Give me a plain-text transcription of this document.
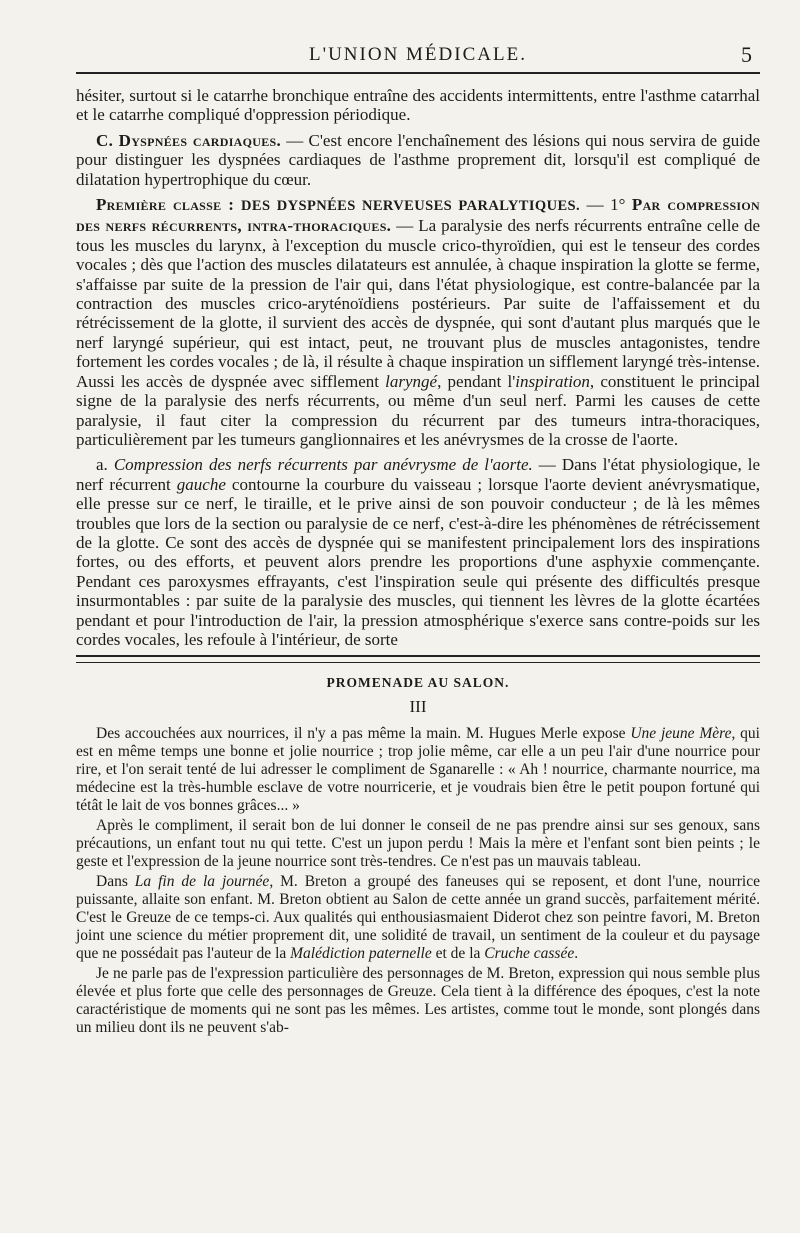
L'UNION MÉDICALE.	5

hésiter, surtout si le catarrhe bronchique entraîne des accidents intermittents, entre l'asthme catarrhal et le catarrhe compliqué d'oppression périodique.

C. Dyspnées cardiaques. — C'est encore l'enchaînement des lésions qui nous servira de guide pour distinguer les dyspnées cardiaques de l'asthme proprement dit, lorsqu'il est compliqué de dilatation hypertrophique du cœur.

Première classe : DES DYSPNÉES NERVEUSES PARALYTIQUES. — 1° Par compression des nerfs récurrents, intra-thoraciques. — La paralysie des nerfs récurrents entraîne celle de tous les muscles du larynx, à l'exception du muscle crico-thyroïdien, qui est le tenseur des cordes vocales ; dès que l'action des muscles dilatateurs est annulée, à chaque inspiration la glotte se ferme, s'affaisse par suite de la pression de l'air qui, dans l'état physiologique, est contre-balancée par la contraction des muscles crico-aryténoïdiens postérieurs. Par suite de l'affaissement et du rétrécissement de la glotte, il survient des accès de dyspnée, qui sont d'autant plus marqués que le nerf laryngé supérieur, qui est intact, peut, ne trouvant plus de muscles antagonistes, tendre fortement les cordes vocales ; de là, il résulte à chaque inspiration un sifflement laryngé très-intense. Aussi les accès de dyspnée avec sifflement laryngé, pendant l'inspiration, constituent le principal signe de la paralysie des nerfs récurrents, ou même d'un seul nerf. Parmi les causes de cette paralysie, il faut citer la compression du récurrent par des tumeurs intra-thoraciques, particulièrement par les tumeurs ganglionnaires et les anévrysmes de la crosse de l'aorte.

a. Compression des nerfs récurrents par anévrysme de l'aorte. — Dans l'état physiologique, le nerf récurrent gauche contourne la courbure du vaisseau ; lorsque l'aorte devient anévrysmatique, elle presse sur ce nerf, le tiraille, et le prive ainsi de son pouvoir conducteur ; de là les mêmes troubles que lors de la section ou paralysie de ce nerf, c'est-à-dire les phénomènes de rétrécissement de la glotte. Ce sont des accès de dyspnée qui se manifestent principalement lors des inspirations fortes, ou des efforts, et peuvent alors prendre les proportions d'une asphyxie commençante. Pendant ces paroxysmes effrayants, c'est l'inspiration seule qui présente des difficultés presque insurmontables : par suite de la paralysie des muscles, qui tiennent les lèvres de la glotte écartées pendant et pour l'introduction de l'air, la pression atmosphérique s'exerce sans contre-poids sur les cordes vocales, les refoule à l'intérieur, de sorte

PROMENADE AU SALON.
III

Des accouchées aux nourrices, il n'y a pas même la main. M. Hugues Merle expose Une jeune Mère, qui est en même temps une bonne et jolie nourrice ; trop jolie même, car elle a un peu l'air d'une nourrice pour rire, et l'on serait tenté de lui adresser le compliment de Sganarelle : « Ah ! nourrice, charmante nourrice, ma médecine est la très-humble esclave de votre nourricerie, et je voudrais bien être le petit poupon fortuné qui tétât le lait de vos bonnes grâces... »

Après le compliment, il serait bon de lui donner le conseil de ne pas prendre ainsi sur ses genoux, sans précautions, un enfant tout nu qui tette. C'est un jupon perdu ! Mais la mère et l'enfant sont bien peints ; le geste et l'expression de la jeune nourrice sont très-tendres. Ce n'est pas un mauvais tableau.

Dans La fin de la journée, M. Breton a groupé des faneuses qui se reposent, et dont l'une, nourrice puissante, allaite son enfant. M. Breton obtient au Salon de cette année un grand succès, parfaitement mérité. C'est le Greuze de ce temps-ci. Aux qualités qui enthousiasmaient Diderot chez son peintre favori, M. Breton joint une science du métier proprement dit, une solidité de travail, un sentiment de la couleur et du paysage que ne possédait pas l'auteur de la Malédiction paternelle et de la Cruche cassée.

Je ne parle pas de l'expression particulière des personnages de M. Breton, expression qui nous semble plus élevée et plus forte que celle des personnages de Greuze. Cela tient à la différence des époques, c'est la note caractéristique de moments qui ne sont pas les mêmes. Les artistes, comme tout le monde, sont plongés dans un milieu dont ils ne peuvent s'ab-
